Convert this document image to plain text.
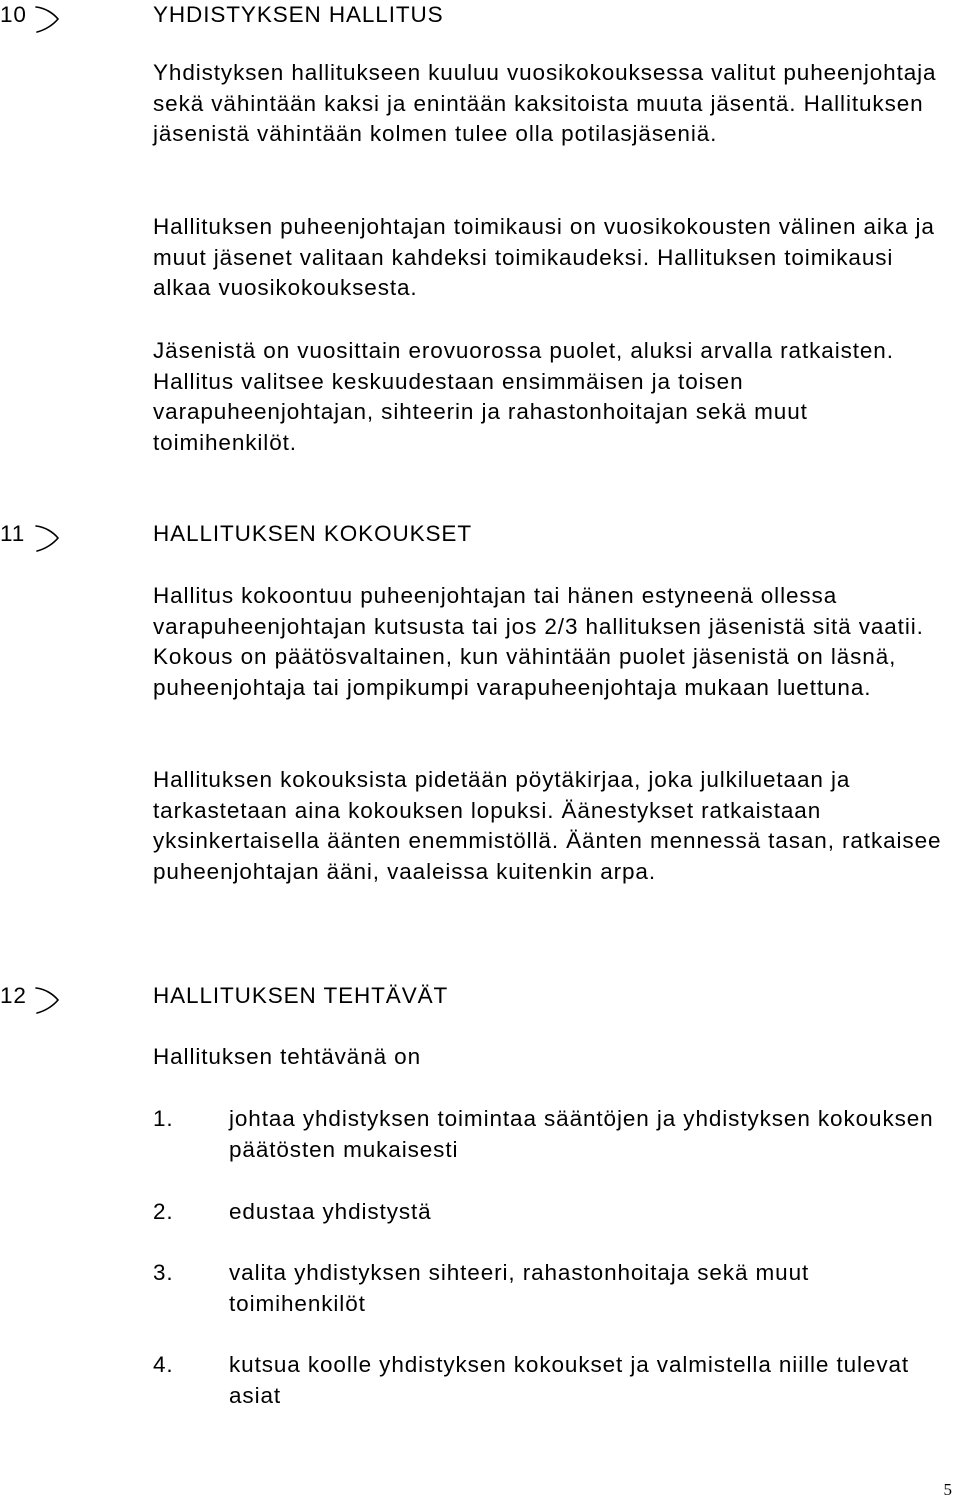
10	YHDISTYKSEN HALLITUS

Yhdistyksen hallitukseen kuuluu vuosikokouksessa valitut puheenjohtaja sekä vähintään kaksi ja enintään kaksitoista muuta jäsentä. Hallituksen jäsenistä vähintään kolmen tulee olla potilasjäseniä.

Hallituksen puheenjohtajan toimikausi on vuosikokousten välinen aika ja muut jäsenet valitaan kahdeksi toimikaudeksi. Hallituksen toimikausi alkaa vuosikokouksesta.

Jäsenistä on vuosittain erovuorossa puolet, aluksi arvalla ratkaisten. Hallitus valitsee keskuudestaan ensimmäisen ja toisen varapuheenjohtajan, sihteerin ja rahastonhoitajan sekä muut toimihenkilöt.

11	HALLITUKSEN KOKOUKSET

Hallitus kokoontuu puheenjohtajan tai hänen estyneenä ollessa varapuheenjohtajan kutsusta tai jos 2/3 hallituksen jäsenistä sitä vaatii. Kokous on päätösvaltainen, kun vähintään puolet jäsenistä on läsnä, puheenjohtaja tai jompikumpi varapuheenjohtaja mukaan luettuna.

Hallituksen kokouksista pidetään pöytäkirjaa, joka julkiluetaan ja tarkastetaan aina kokouksen lopuksi. Äänestykset ratkaistaan yksinkertaisella äänten enemmistöllä. Äänten mennessä tasan, ratkaisee puheenjohtajan ääni, vaaleissa kuitenkin arpa.

12	HALLITUKSEN TEHTÄVÄT

Hallituksen tehtävänä on

1. johtaa yhdistyksen toimintaa sääntöjen ja yhdistyksen kokouksen päätösten mukaisesti
2. edustaa yhdistystä
3. valita yhdistyksen sihteeri, rahastonhoitaja sekä muut toimihenkilöt
4. kutsua koolle yhdistyksen kokoukset ja valmistella niille tulevat asiat
5
